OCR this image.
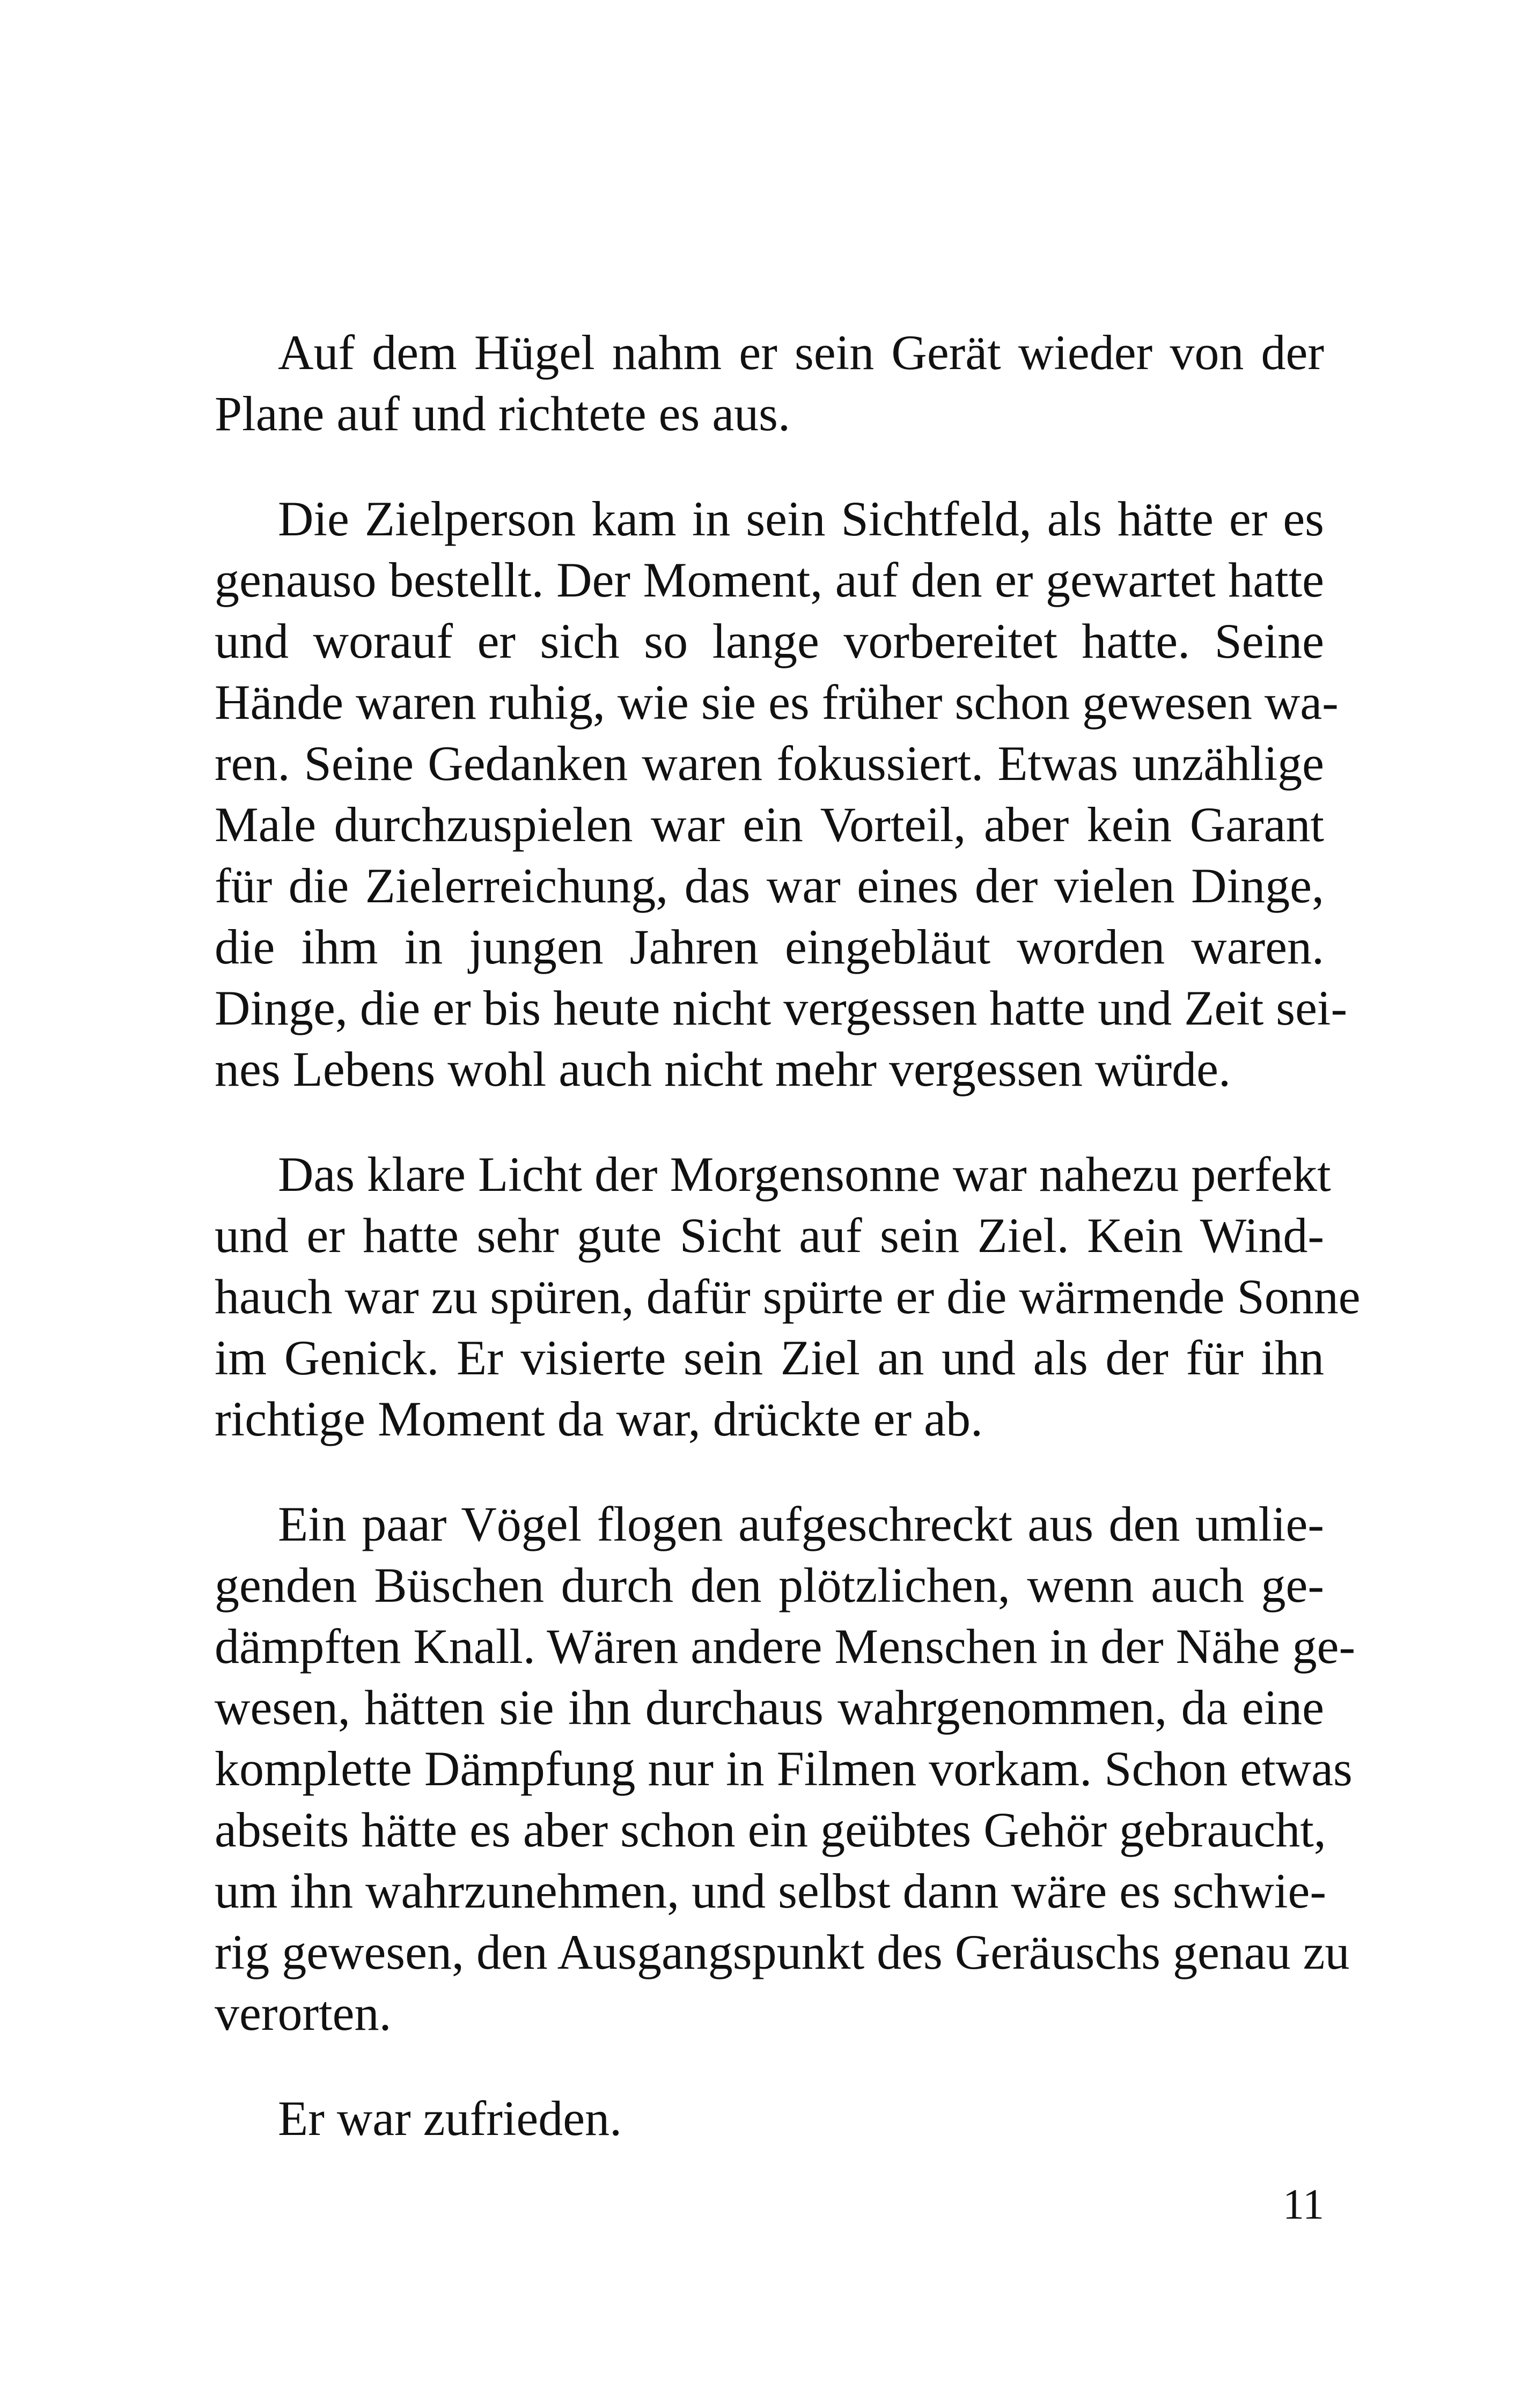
Auf dem Hügel nahm er sein Gerät wieder von der
Plane auf und richtete es aus.

Die Zielperson kam in sein Sichtfeld, als hätte er es
genauso bestellt. Der Moment, auf den er gewartet hatte
und worauf er sich so lange vorbereitet hatte. Seine
Hände waren ruhig, wie sie es früher schon gewesen wa-
ren. Seine Gedanken waren fokussiert. Etwas unzählige
Male durchzuspielen war ein Vorteil, aber kein Garant
für die Zielerreichung, das war eines der vielen Dinge,
die ihm in jungen Jahren eingebläut worden waren.
Dinge, die er bis heute nicht vergessen hatte und Zeit sei-
nes Lebens wohl auch nicht mehr vergessen würde.

Das klare Licht der Morgensonne war nahezu perfekt
und er hatte sehr gute Sicht auf sein Ziel. Kein Wind-
hauch war zu spüren, dafür spürte er die wärmende Sonne
im Genick. Er visierte sein Ziel an und als der für ihn
richtige Moment da war, drückte er ab.

Ein paar Vögel flogen aufgeschreckt aus den umlie-
genden Büschen durch den plötzlichen, wenn auch ge-
dämpften Knall. Wären andere Menschen in der Nähe ge-
wesen, hätten sie ihn durchaus wahrgenommen, da eine
komplette Dämpfung nur in Filmen vorkam. Schon etwas
abseits hätte es aber schon ein geübtes Gehör gebraucht,
um ihn wahrzunehmen, und selbst dann wäre es schwie-
rig gewesen, den Ausgangspunkt des Geräuschs genau zu
verorten.

Er war zufrieden.

11
